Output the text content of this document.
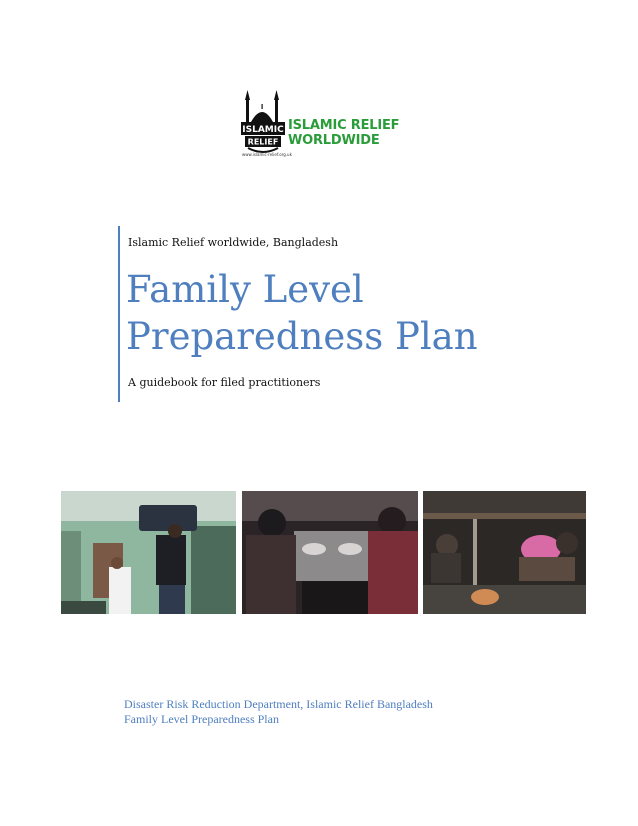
ISLAMIC
RELIEF
ISLAMIC RELIEF
WORLDWIDE
www.islamic-relief.org.uk
Islamic Relief worldwide, Bangladesh
Family Level
Preparedness Plan
A guidebook for filed practitioners
Disaster Risk Reduction Department, Islamic Relief Bangladesh
Family Level Preparedness Plan
